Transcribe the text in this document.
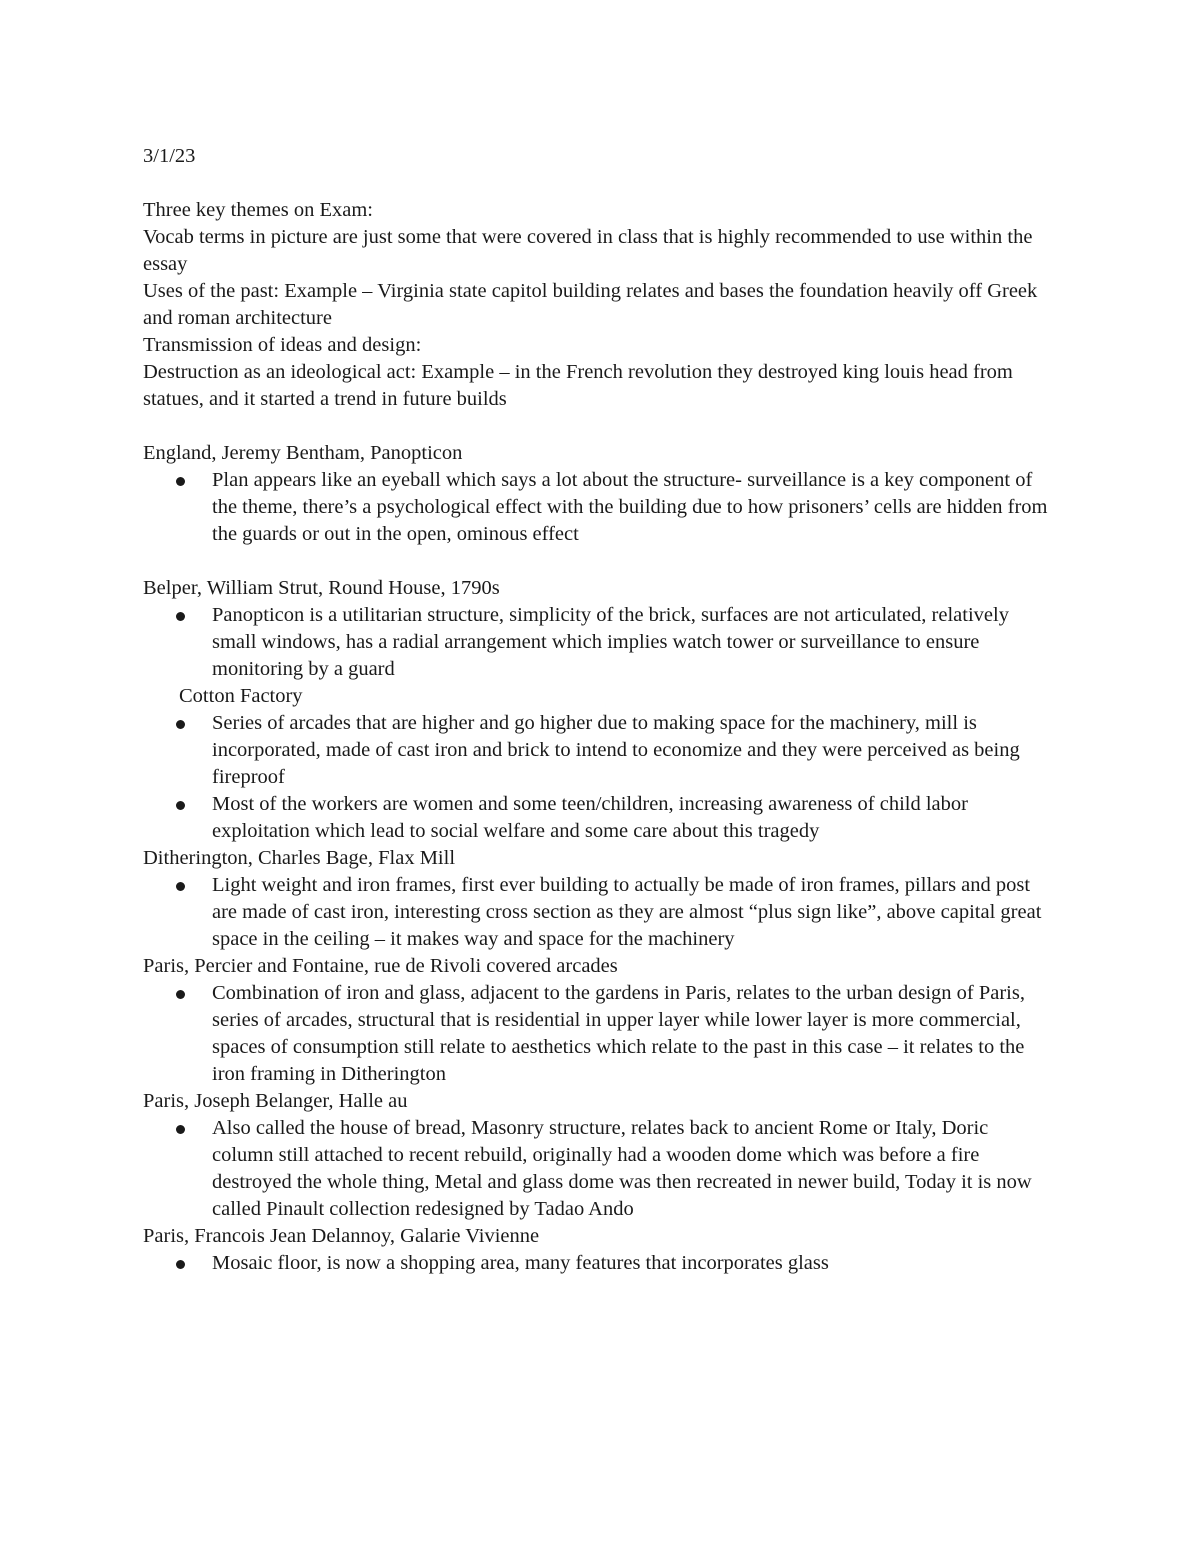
3/1/23

Three key themes on Exam:

Vocab terms in picture are just some that were covered in class that is highly recommended to use within the essay

Uses of the past: Example – Virginia state capitol building relates and bases the foundation heavily off Greek and roman architecture

Transmission of ideas and design:

Destruction as an ideological act: Example – in the French revolution they destroyed king louis head from statues, and it started a trend in future builds

England, Jeremy Bentham, Panopticon

Plan appears like an eyeball which says a lot about the structure- surveillance is a key component of the theme, there’s a psychological effect with the building due to how prisoners’ cells are hidden from the guards or out in the open, ominous effect

Belper, William Strut, Round House, 1790s

Panopticon is a utilitarian structure, simplicity of the brick, surfaces are not articulated, relatively small windows, has a radial arrangement which implies watch tower or surveillance to ensure monitoring by a guard

Cotton Factory

Series of arcades that are higher and go higher due to making space for the machinery, mill is incorporated, made of cast iron and brick to intend to economize and they were perceived as being fireproof
Most of the workers are women and some teen/children, increasing awareness of child labor exploitation which lead to social welfare and some care about this tragedy

Ditherington, Charles Bage, Flax Mill

Light weight and iron frames, first ever building to actually be made of iron frames, pillars and post are made of cast iron, interesting cross section as they are almost “plus sign like”, above capital great space in the ceiling – it makes way and space for the machinery

Paris, Percier and Fontaine, rue de Rivoli covered arcades

Combination of iron and glass, adjacent to the gardens in Paris, relates to the urban design of Paris, series of arcades, structural that is residential in upper layer while lower layer is more commercial, spaces of consumption still relate to aesthetics which relate to the past in this case – it relates to the iron framing in Ditherington

Paris, Joseph Belanger, Halle au

Also called the house of bread, Masonry structure, relates back to ancient Rome or Italy, Doric column still attached to recent rebuild, originally had a wooden dome which was before a fire destroyed the whole thing, Metal and glass dome was then recreated in newer build, Today it is now called Pinault collection redesigned by Tadao Ando

Paris, Francois Jean Delannoy, Galarie Vivienne

Mosaic floor, is now a shopping area, many features that incorporates glass
